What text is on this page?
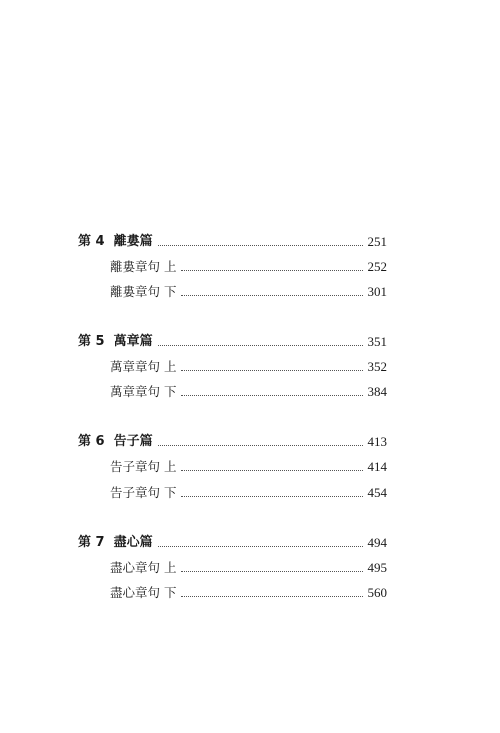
第 4 離婁篇	251
離婁章句 上	252
離婁章句 下	301
第 5 萬章篇	351
萬章章句 上	352
萬章章句 下	384
第 6 告子篇	413
告子章句 上	414
告子章句 下	454
第 7 盡心篇	494
盡心章句 上	495
盡心章句 下	560
